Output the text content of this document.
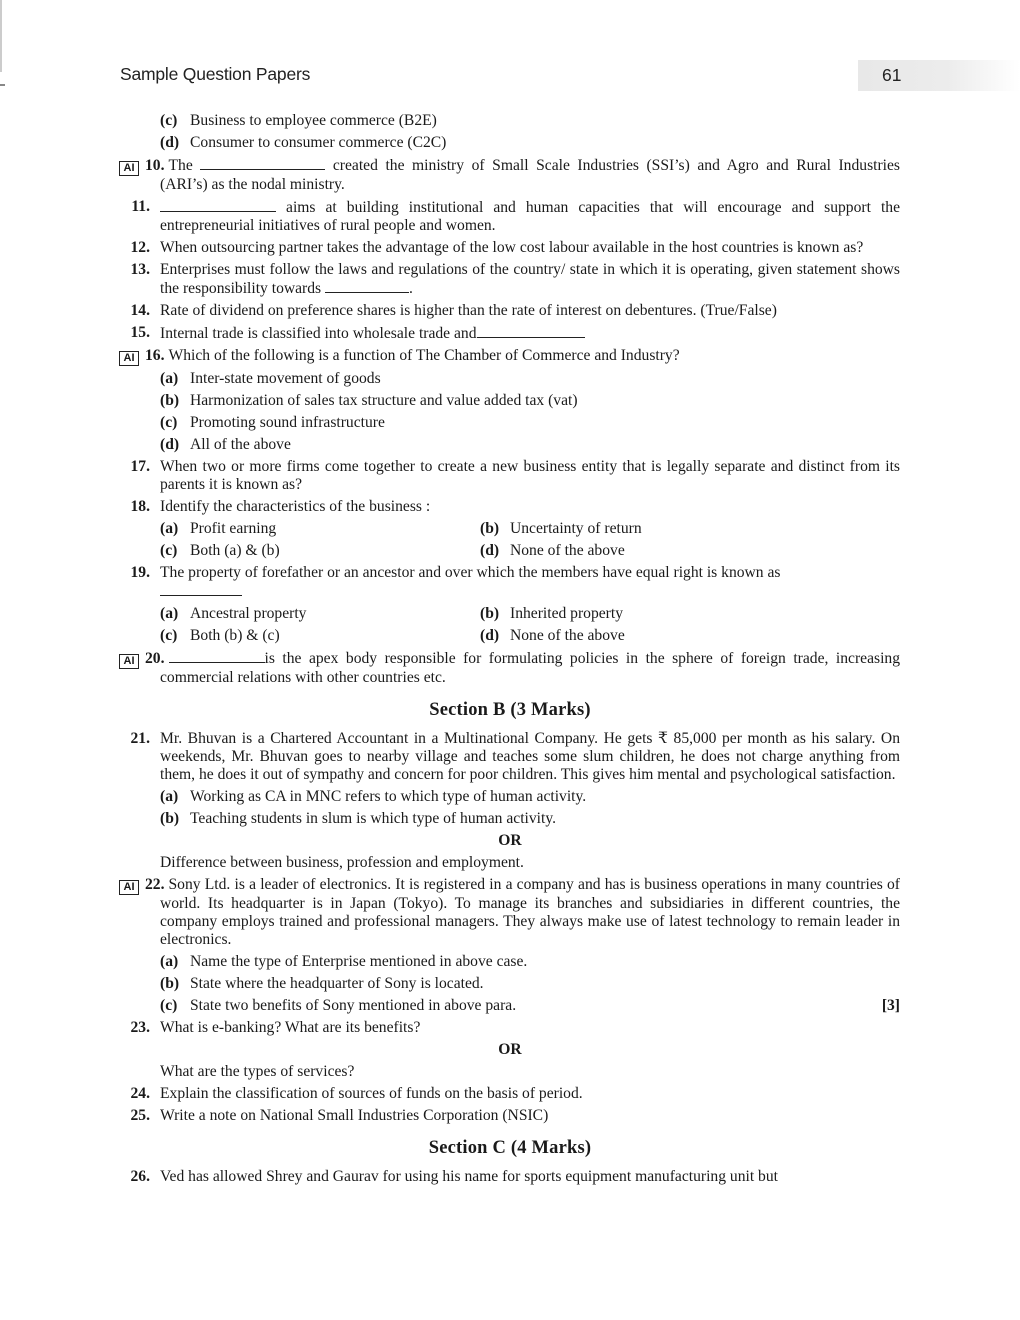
Sample Question Papers	61
(c) Business to employee commerce (B2E)
(d) Consumer to consumer commerce (C2C)
AI 10. The	created the ministry of Small Scale Industries (SSI’s) and Agro and Rural Industries (ARI’s) as the nodal ministry.
11.	aims at building institutional and human capacities that will encourage and support the entrepreneurial initiatives of rural people and women.
12. When outsourcing partner takes the advantage of the low cost labour available in the host countries is known as?
13. Enterprises must follow the laws and regulations of the country/ state in which it is operating, given statement shows the responsibility towards	.
14. Rate of dividend on preference shares is higher than the rate of interest on debentures. (True/False)
15. Internal trade is classified into wholesale trade and
AI 16. Which of the following is a function of The Chamber of Commerce and Industry?
(a) Inter-state movement of goods
(b) Harmonization of sales tax structure and value added tax (vat)
(c) Promoting sound infrastructure
(d) All of the above
17. When two or more firms come together to create a new business entity that is legally separate and distinct from its parents it is known as?
18. Identify the characteristics of the business :
(a) Profit earning	(b) Uncertainty of return
(c) Both (a) & (b)	(d) None of the above
19. The property of forefather or an ancestor and over which the members have equal right is known as

(a) Ancestral property	(b) Inherited property
(c) Both (b) & (c)	(d) None of the above
AI 20.	is the apex body responsible for formulating policies in the sphere of foreign trade, increasing commercial relations with other countries etc.
Section B (3 Marks)
21. Mr. Bhuvan is a Chartered Accountant in a Multinational Company. He gets ₹ 85,000 per month as his salary. On weekends, Mr. Bhuvan goes to nearby village and teaches some slum children, he does not charge anything from them, he does it out of sympathy and concern for poor children. This gives him mental and psychological satisfaction.
(a) Working as CA in MNC refers to which type of human activity.
(b) Teaching students in slum is which type of human activity.
OR
Difference between business, profession and employment.
AI 22. Sony Ltd. is a leader of electronics. It is registered in a company and has is business operations in many countries of world. Its headquarter is in Japan (Tokyo). To manage its branches and subsidiaries in different countries, the company employs trained and professional managers. They always make use of latest technology to remain leader in electronics.
(a) Name the type of Enterprise mentioned in above case.
(b) State where the headquarter of Sony is located.
(c) State two benefits of Sony mentioned in above para.	[3]
23. What is e-banking? What are its benefits?
OR
What are the types of services?
24. Explain the classification of sources of funds on the basis of period.
25. Write a note on National Small Industries Corporation (NSIC)
Section C (4 Marks)
26. Ved has allowed Shrey and Gaurav for using his name for sports equipment manufacturing unit but
